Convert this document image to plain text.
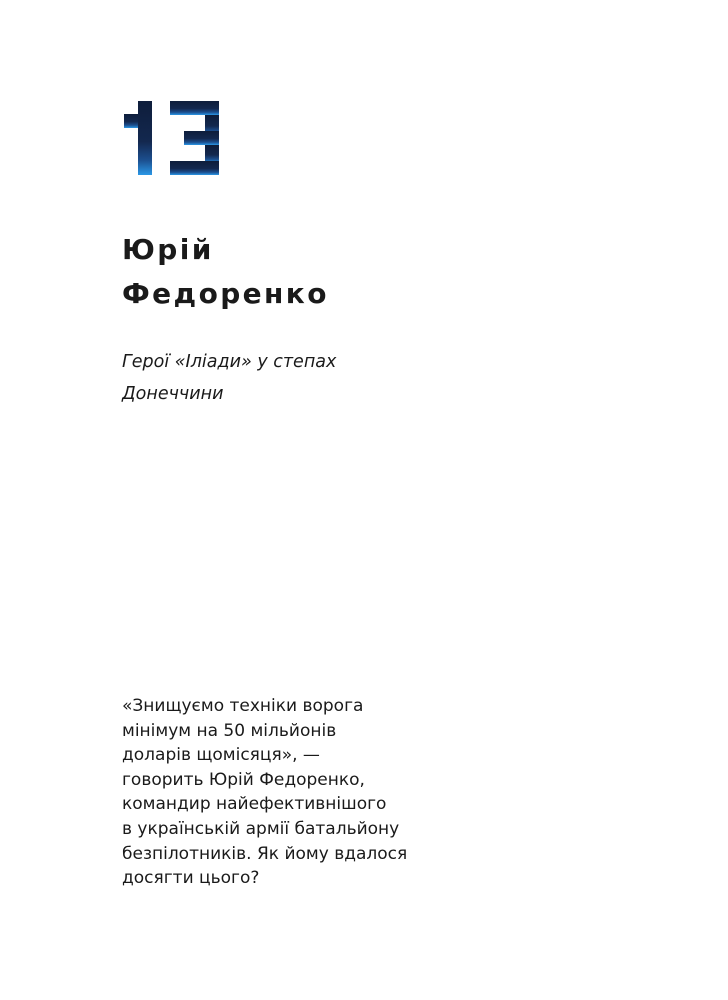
Юрій
Федоренко

Герої «Іліади» у степах
Донеччини

«Знищуємо техніки ворога
мінімум на 50 мільйонів
доларів щомісяця», —
говорить Юрій Федоренко,
командир найефективнішого
в українській армії батальйону
безпілотників. Як йому вдалося
досягти цього?
